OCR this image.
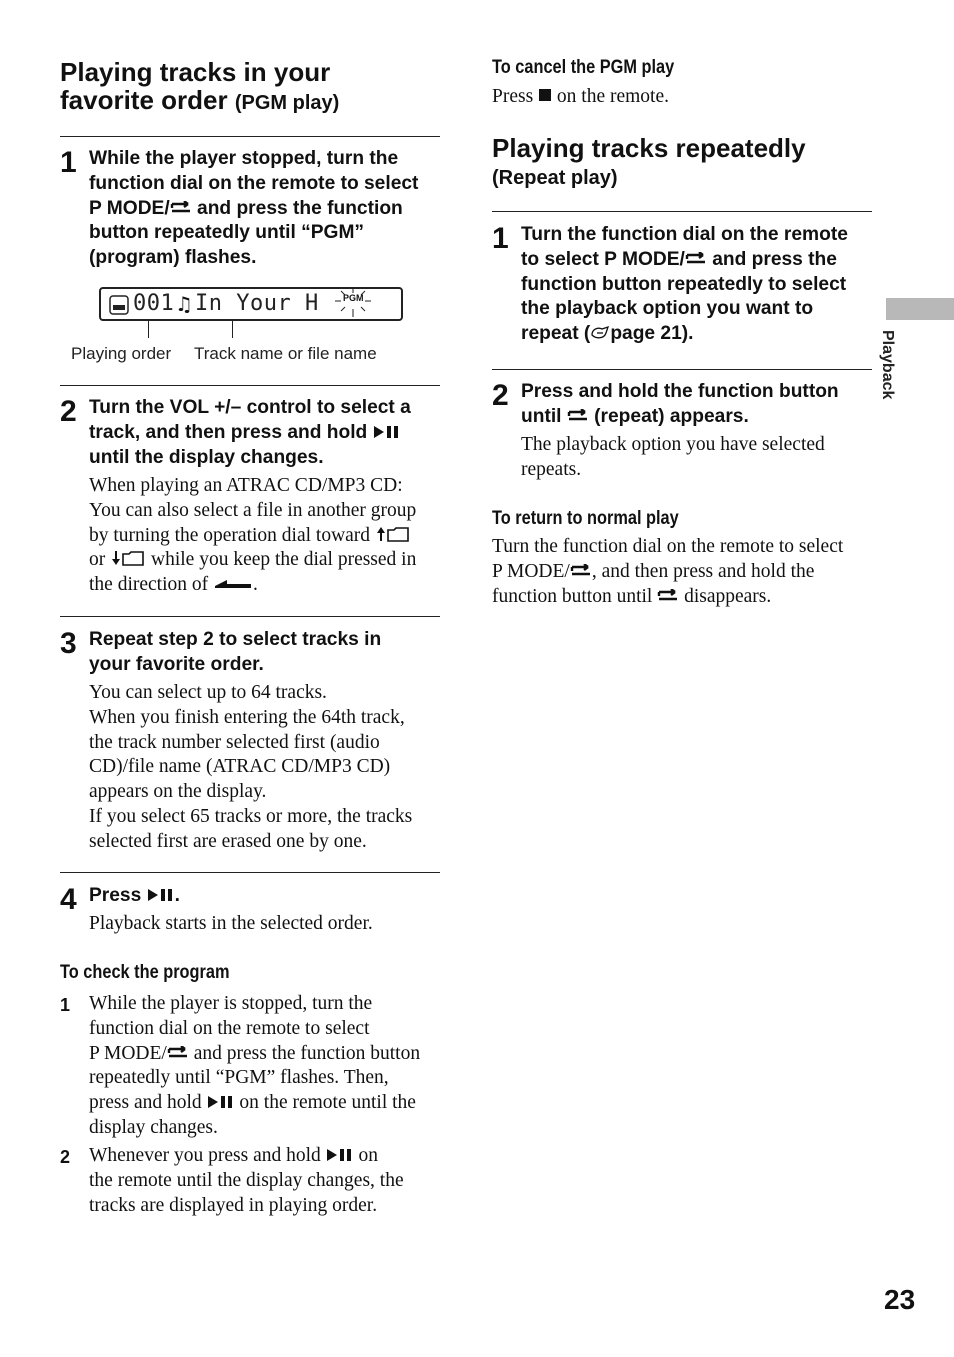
Playing tracks in your
favorite order (PGM play)
1 While the player stopped, turn the
function dial on the remote to select
P MODE/ and press the function
button repeatedly until “PGM”
(program) flashes.
001 ♫ In Your H	PGM
Playing order Track name or file name
2 Turn the VOL +/– control to select a
track, and then press and hold
until the display changes.
When playing an ATRAC CD/MP3 CD:
You can also select a file in another group
by turning the operation dial toward
or  while you keep the dial pressed in
the direction of .
3 Repeat step 2 to select tracks in
your favorite order.
You can select up to 64 tracks.
When you finish entering the 64th track,
the track number selected first (audio
CD)/file name (ATRAC CD/MP3 CD)
appears on the display.
If you select 65 tracks or more, the tracks
selected first are erased one by one.
4 Press .
Playback starts in the selected order.
To check the program
1 While the player is stopped, turn the
function dial on the remote to select
P MODE/ and press the function button
repeatedly until “PGM” flashes. Then,
press and hold  on the remote until the
display changes.
2 Whenever you press and hold  on
the remote until the display changes, the
tracks are displayed in playing order.
To cancel the PGM play
Press  on the remote.
Playing tracks repeatedly
(Repeat play)
1 Turn the function dial on the remote
to select P MODE/ and press the
function button repeatedly to select
the playback option you want to
repeat ( page 21).
2 Press and hold the function button
until  (repeat) appears.
The playback option you have selected
repeats.
To return to normal play
Turn the function dial on the remote to select
P MODE/ , and then press and hold the
function button until  disappears.
Playback
23
